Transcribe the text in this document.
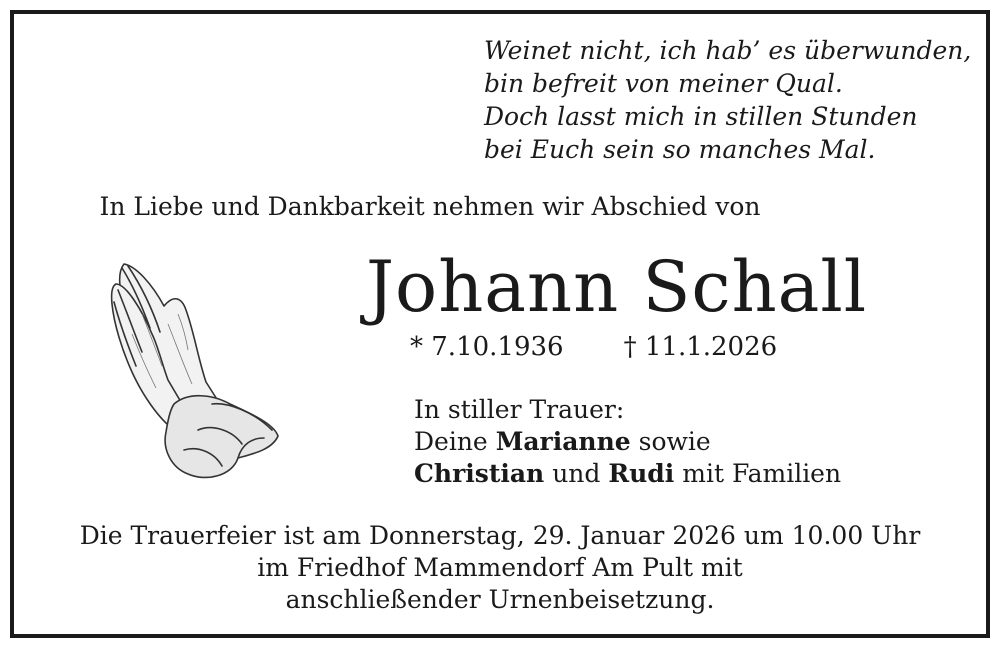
Weinet nicht, ich hab’ es überwunden,
bin befreit von meiner Qual.
Doch lasst mich in stillen Stunden
bei Euch sein so manches Mal.
In Liebe und Dankbarkeit nehmen wir Abschied von
Johann Schall
* 7.10.1936 † 11.1.2026
In stiller Trauer:
Deine Marianne sowie
Christian und Rudi mit Familien
Die Trauerfeier ist am Donnerstag, 29. Januar 2026 um 10.00 Uhr
im Friedhof Mammendorf Am Pult mit
anschließender Urnenbeisetzung.
